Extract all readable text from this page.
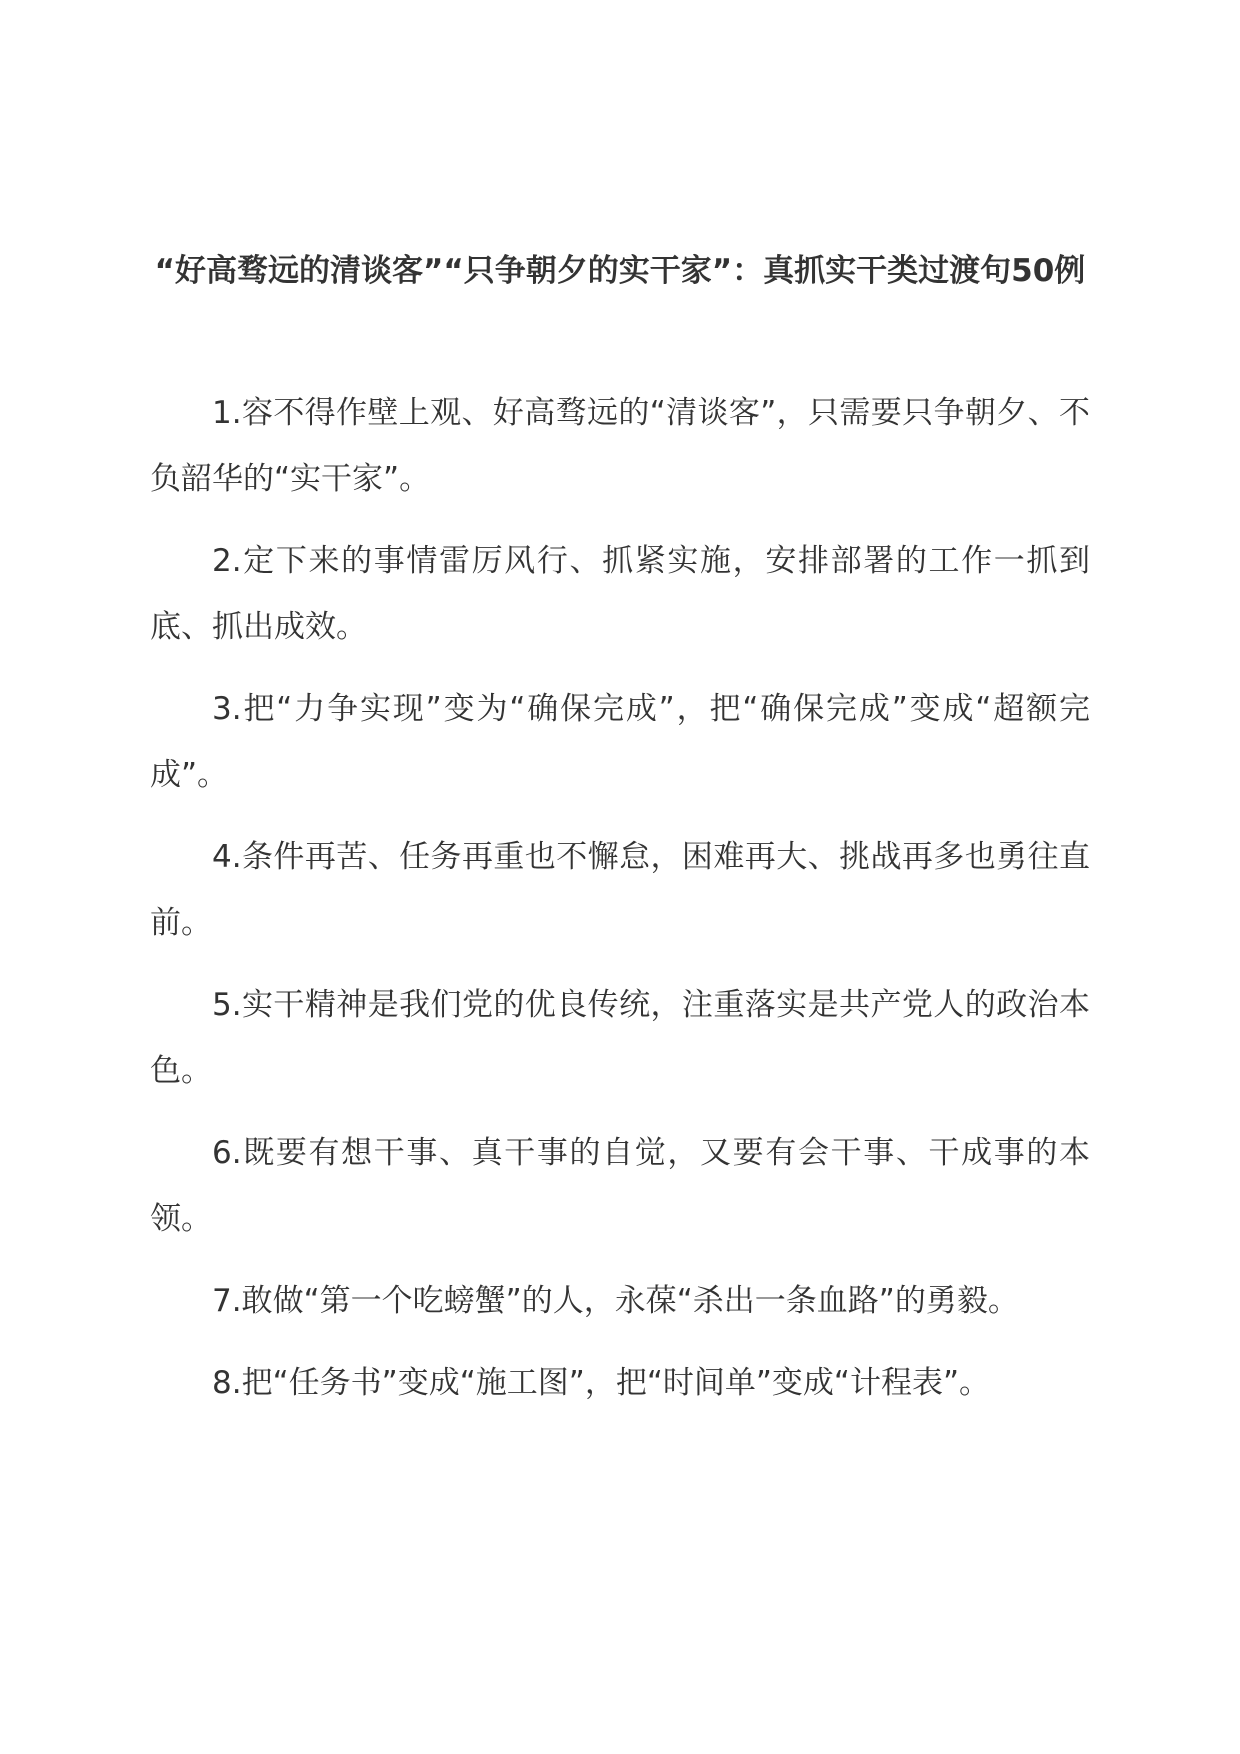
“好高骛远的清谈客”“只争朝夕的实干家”：真抓实干类过渡句50例

1.容不得作壁上观、好高骛远的“清谈客”，只需要只争朝夕、不负韶华的“实干家”。

2.定下来的事情雷厉风行、抓紧实施，安排部署的工作一抓到底、抓出成效。

3.把“力争实现”变为“确保完成”，把“确保完成”变成“超额完成”。

4.条件再苦、任务再重也不懈怠，困难再大、挑战再多也勇往直前。

5.实干精神是我们党的优良传统，注重落实是共产党人的政治本色。

6.既要有想干事、真干事的自觉，又要有会干事、干成事的本领。

7.敢做“第一个吃螃蟹”的人，永葆“杀出一条血路”的勇毅。

8.把“任务书”变成“施工图”，把“时间单”变成“计程表”。
